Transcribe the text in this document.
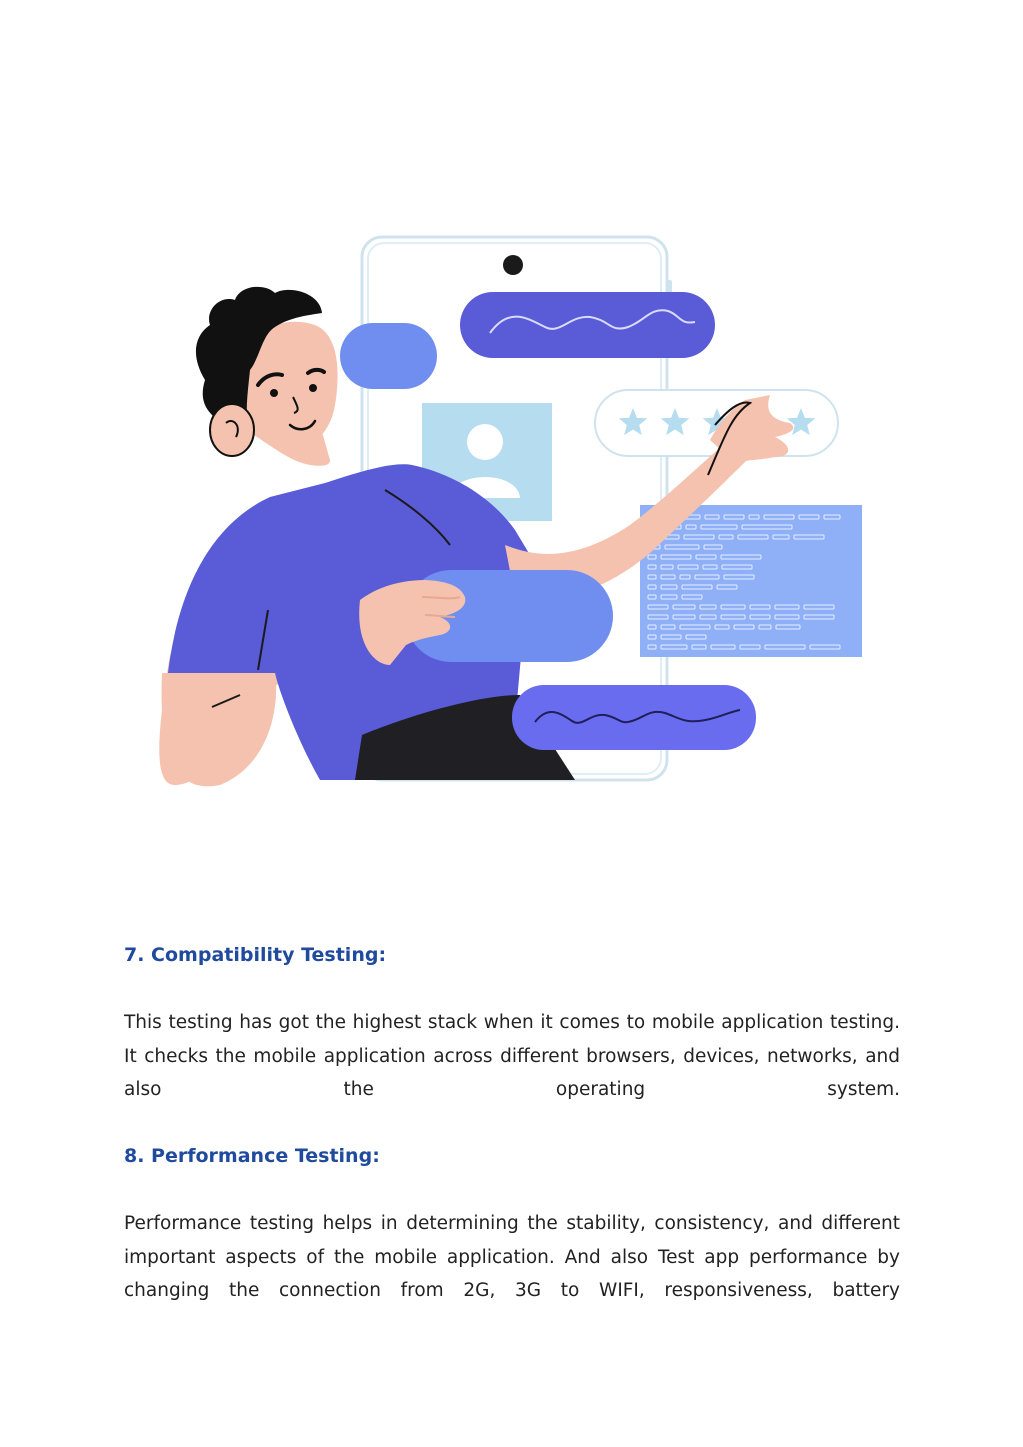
7. Compatibility Testing:

This testing has got the highest stack when it comes to mobile application testing. It checks the mobile application across different browsers, devices, networks, and also the operating system.

8. Performance Testing:

Performance testing helps in determining the stability, consistency, and different important aspects of the mobile application. And also Test app performance by changing the connection from 2G, 3G to WIFI, responsiveness, battery
